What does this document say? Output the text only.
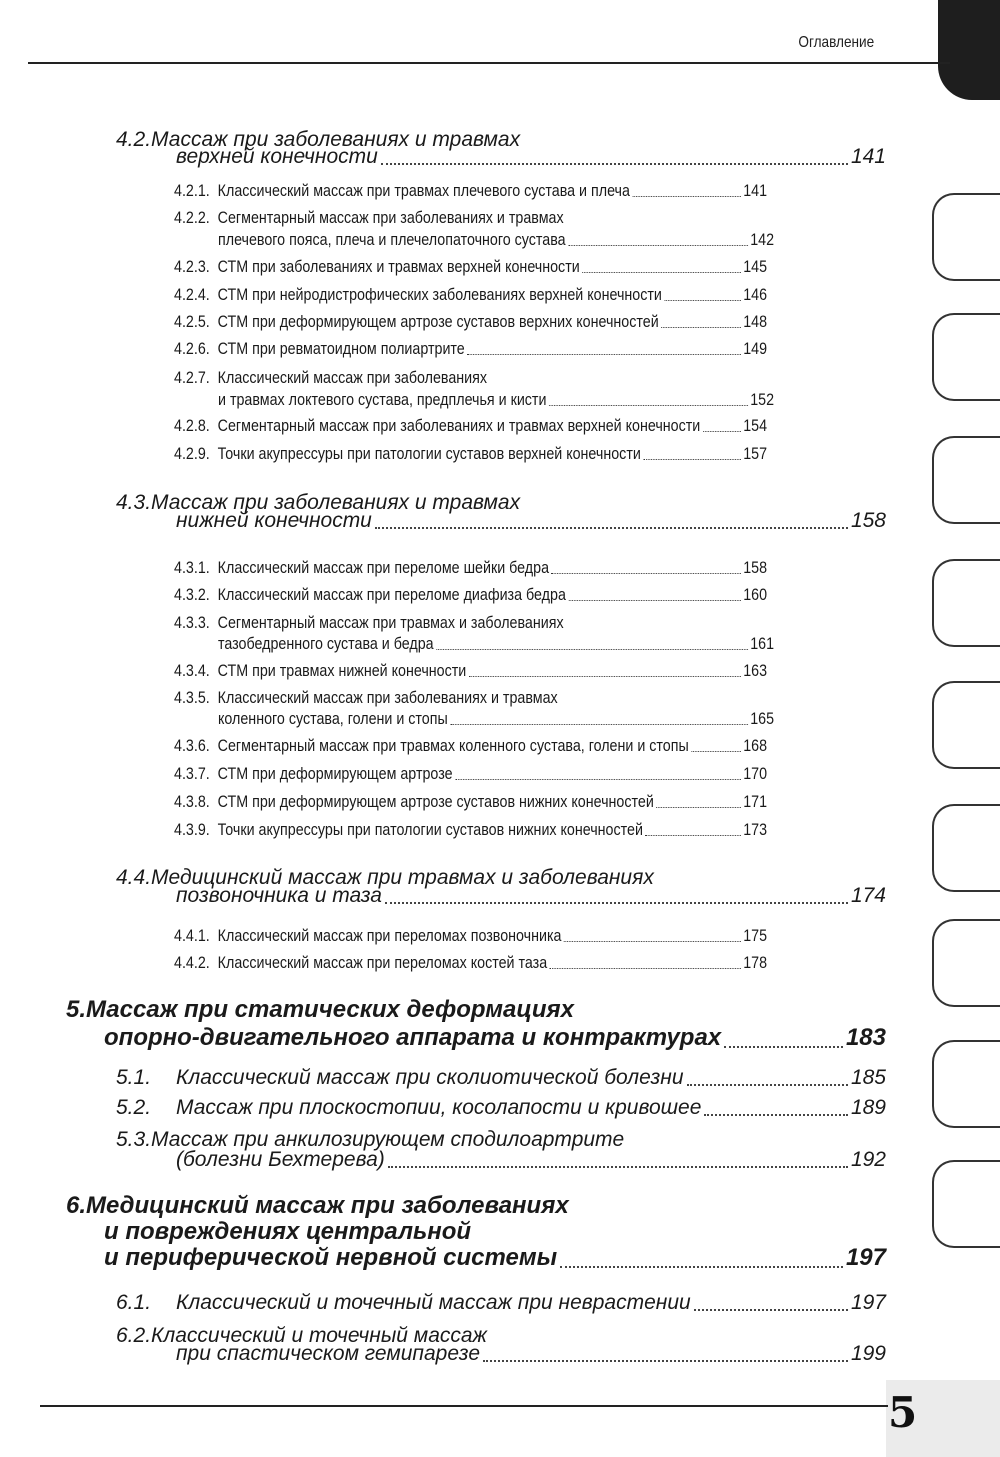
Оглавление
4.2.Массаж при заболеваниях и травмах
верхней конечности	141
4.2.1. Классический массаж при травмах плечевого сустава и плеча	141
4.2.2. Сегментарный массаж при заболеваниях и травмах
плечевого пояса, плеча и плечелопаточного сустава	142
4.2.3. СТМ при заболеваниях и травмах верхней конечности	145
4.2.4. СТМ при нейродистрофических заболеваниях верхней конечности	146
4.2.5. СТМ при деформирующем артрозе суставов верхних конечностей	148
4.2.6. СТМ при ревматоидном полиартрите	149
4.2.7. Классический массаж при заболеваниях
и травмах локтевого сустава, предплечья и кисти	152
4.2.8. Сегментарный массаж при заболеваниях и травмах верхней конечности	154
4.2.9. Точки акупрессуры при патологии суставов верхней конечности	157
4.3.Массаж при заболеваниях и травмах
нижней конечности	158
4.3.1. Классический массаж при переломе шейки бедра	158
4.3.2. Классический массаж при переломе диафиза бедра	160
4.3.3. Сегментарный массаж при травмах и заболеваниях
тазобедренного сустава и бедра	161
4.3.4. СТМ при травмах нижней конечности	163
4.3.5. Классический массаж при заболеваниях и травмах
коленного сустава, голени и стопы	165
4.3.6. Сегментарный массаж при травмах коленного сустава, голени и стопы	168
4.3.7. СТМ при деформирующем артрозе	170
4.3.8. СТМ при деформирующем артрозе суставов нижних конечностей	171
4.3.9. Точки акупрессуры при патологии суставов нижних конечностей	173
4.4.Медицинский массаж при травмах и заболеваниях
позвоночника и таза	174
4.4.1. Классический массаж при переломах позвоночника	175
4.4.2. Классический массаж при переломах костей таза	178
5.Массаж при статических деформациях
опорно-двигательного аппарата и контрактурах	183
5.1.	Классический массаж при сколиотической болезни	185
5.2.	Массаж при плоскостопии, косолапости и кривошее	189
5.3.Массаж при анкилозирующем сподилоартрите
(болезни Бехтерева)	192
6.Медицинский массаж при заболеваниях
и повреждениях центральной
и периферической нервной системы	197
6.1.	Классический и точечный массаж при неврастении	197
6.2.Классический и точечный массаж
при спастическом гемипарезе	199
5
